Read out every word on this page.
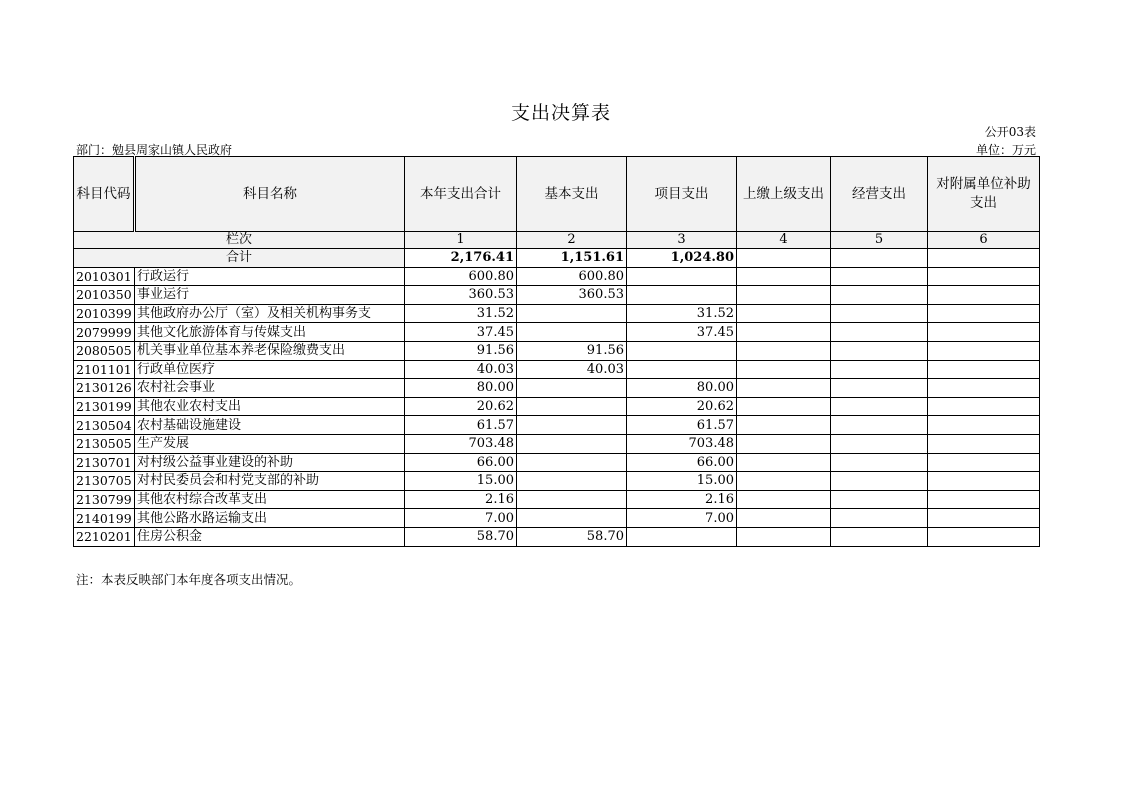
支出决算表
公开03表
部门：勉县周家山镇人民政府	单位：万元
科目代码	科目名称	本年支出合计	基本支出	项目支出	上缴上级支出	经营支出	对附属单位补助支出
栏次		1	2	3	4	5	6
合计		2,176.41	1,151.61	1,024.80			
2010301	行政运行	600.80	600.80				
2010350	事业运行	360.53	360.53				
2010399	其他政府办公厅（室）及相关机构事务支	31.52		31.52			
2079999	其他文化旅游体育与传媒支出	37.45		37.45			
2080505	机关事业单位基本养老保险缴费支出	91.56	91.56				
2101101	行政单位医疗	40.03	40.03				
2130126	农村社会事业	80.00		80.00			
2130199	其他农业农村支出	20.62		20.62			
2130504	农村基础设施建设	61.57		61.57			
2130505	生产发展	703.48		703.48			
2130701	对村级公益事业建设的补助	66.00		66.00			
2130705	对村民委员会和村党支部的补助	15.00		15.00			
2130799	其他农村综合改革支出	2.16		2.16			
2140199	其他公路水路运输支出	7.00		7.00			
2210201	住房公积金	58.70	58.70				
注：本表反映部门本年度各项支出情况。
